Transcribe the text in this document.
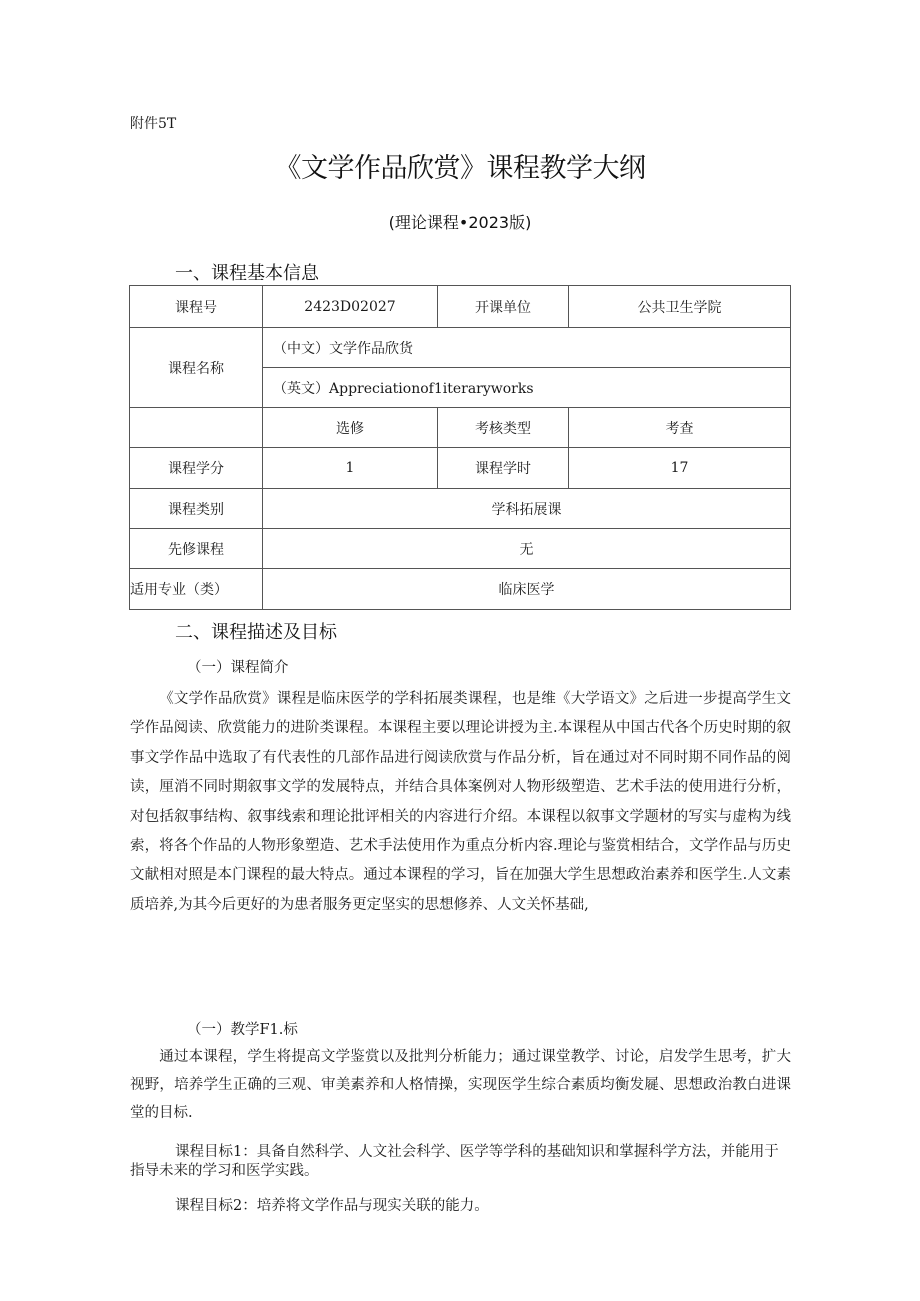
附件5T
《文学作品欣赏》课程教学大纲
(理论课程•2023版)
一、课程基本信息
课程号	2423D02027	开课单位	公共卫生学院
课程名称	（中文）文学作品欣货		
	（英文）Appreciationof1iteraryworks		
	选修	考核类型	考查
课程学分	1	课程学时	17
课程类别	学科拓展课		
先修课程	无		
适用专业（类）	临床医学		
二、课程描述及目标
（一）课程简介
《文学作品欣赏》课程是临床医学的学科拓展类课程，也是维《大学语文》之后进一步提高学生文学作品阅读、欣赏能力的进阶类课程。本课程主要以理论讲授为主.本课程从中国古代各个历史时期的叙事文学作品中选取了有代表性的几部作品进行阅读欣赏与作品分析，旨在通过对不同时期不同作品的阅读，厘消不同时期叙事文学的发展特点，并结合具体案例对人物形级塑造、艺术手法的使用进行分析，对包括叙事结构、叙事线索和理论批评相关的内容进行介绍。本课程以叙事文学题材的写实与虚构为线索，将各个作品的人物形象塑造、艺术手法使用作为重点分析内容.理论与鉴赏相结合，文学作品与历史文献相对照是本门课程的最大特点。通过本课程的学习，旨在加强大学生思想政治素养和医学生.人文素质培养,为其今后更好的为患者服务更定坚实的思想修养、人文关怀基础,
（一）教学F1.标
通过本课程，学生将提高文学鉴赏以及批判分析能力；通过课堂教学、讨论，启发学生思考，扩大视野，培养学生正确的三观、审美素养和人格情操，实现医学生综合素质均衡发屣、思想政治教白进课堂的目标.
课程目标1：具备自然科学、人文社会科学、医学等学科的基础知识和掌握科学方法，并能用于指导未来的学习和医学实践。
课程目标2：培养将文学作品与现实关联的能力。
